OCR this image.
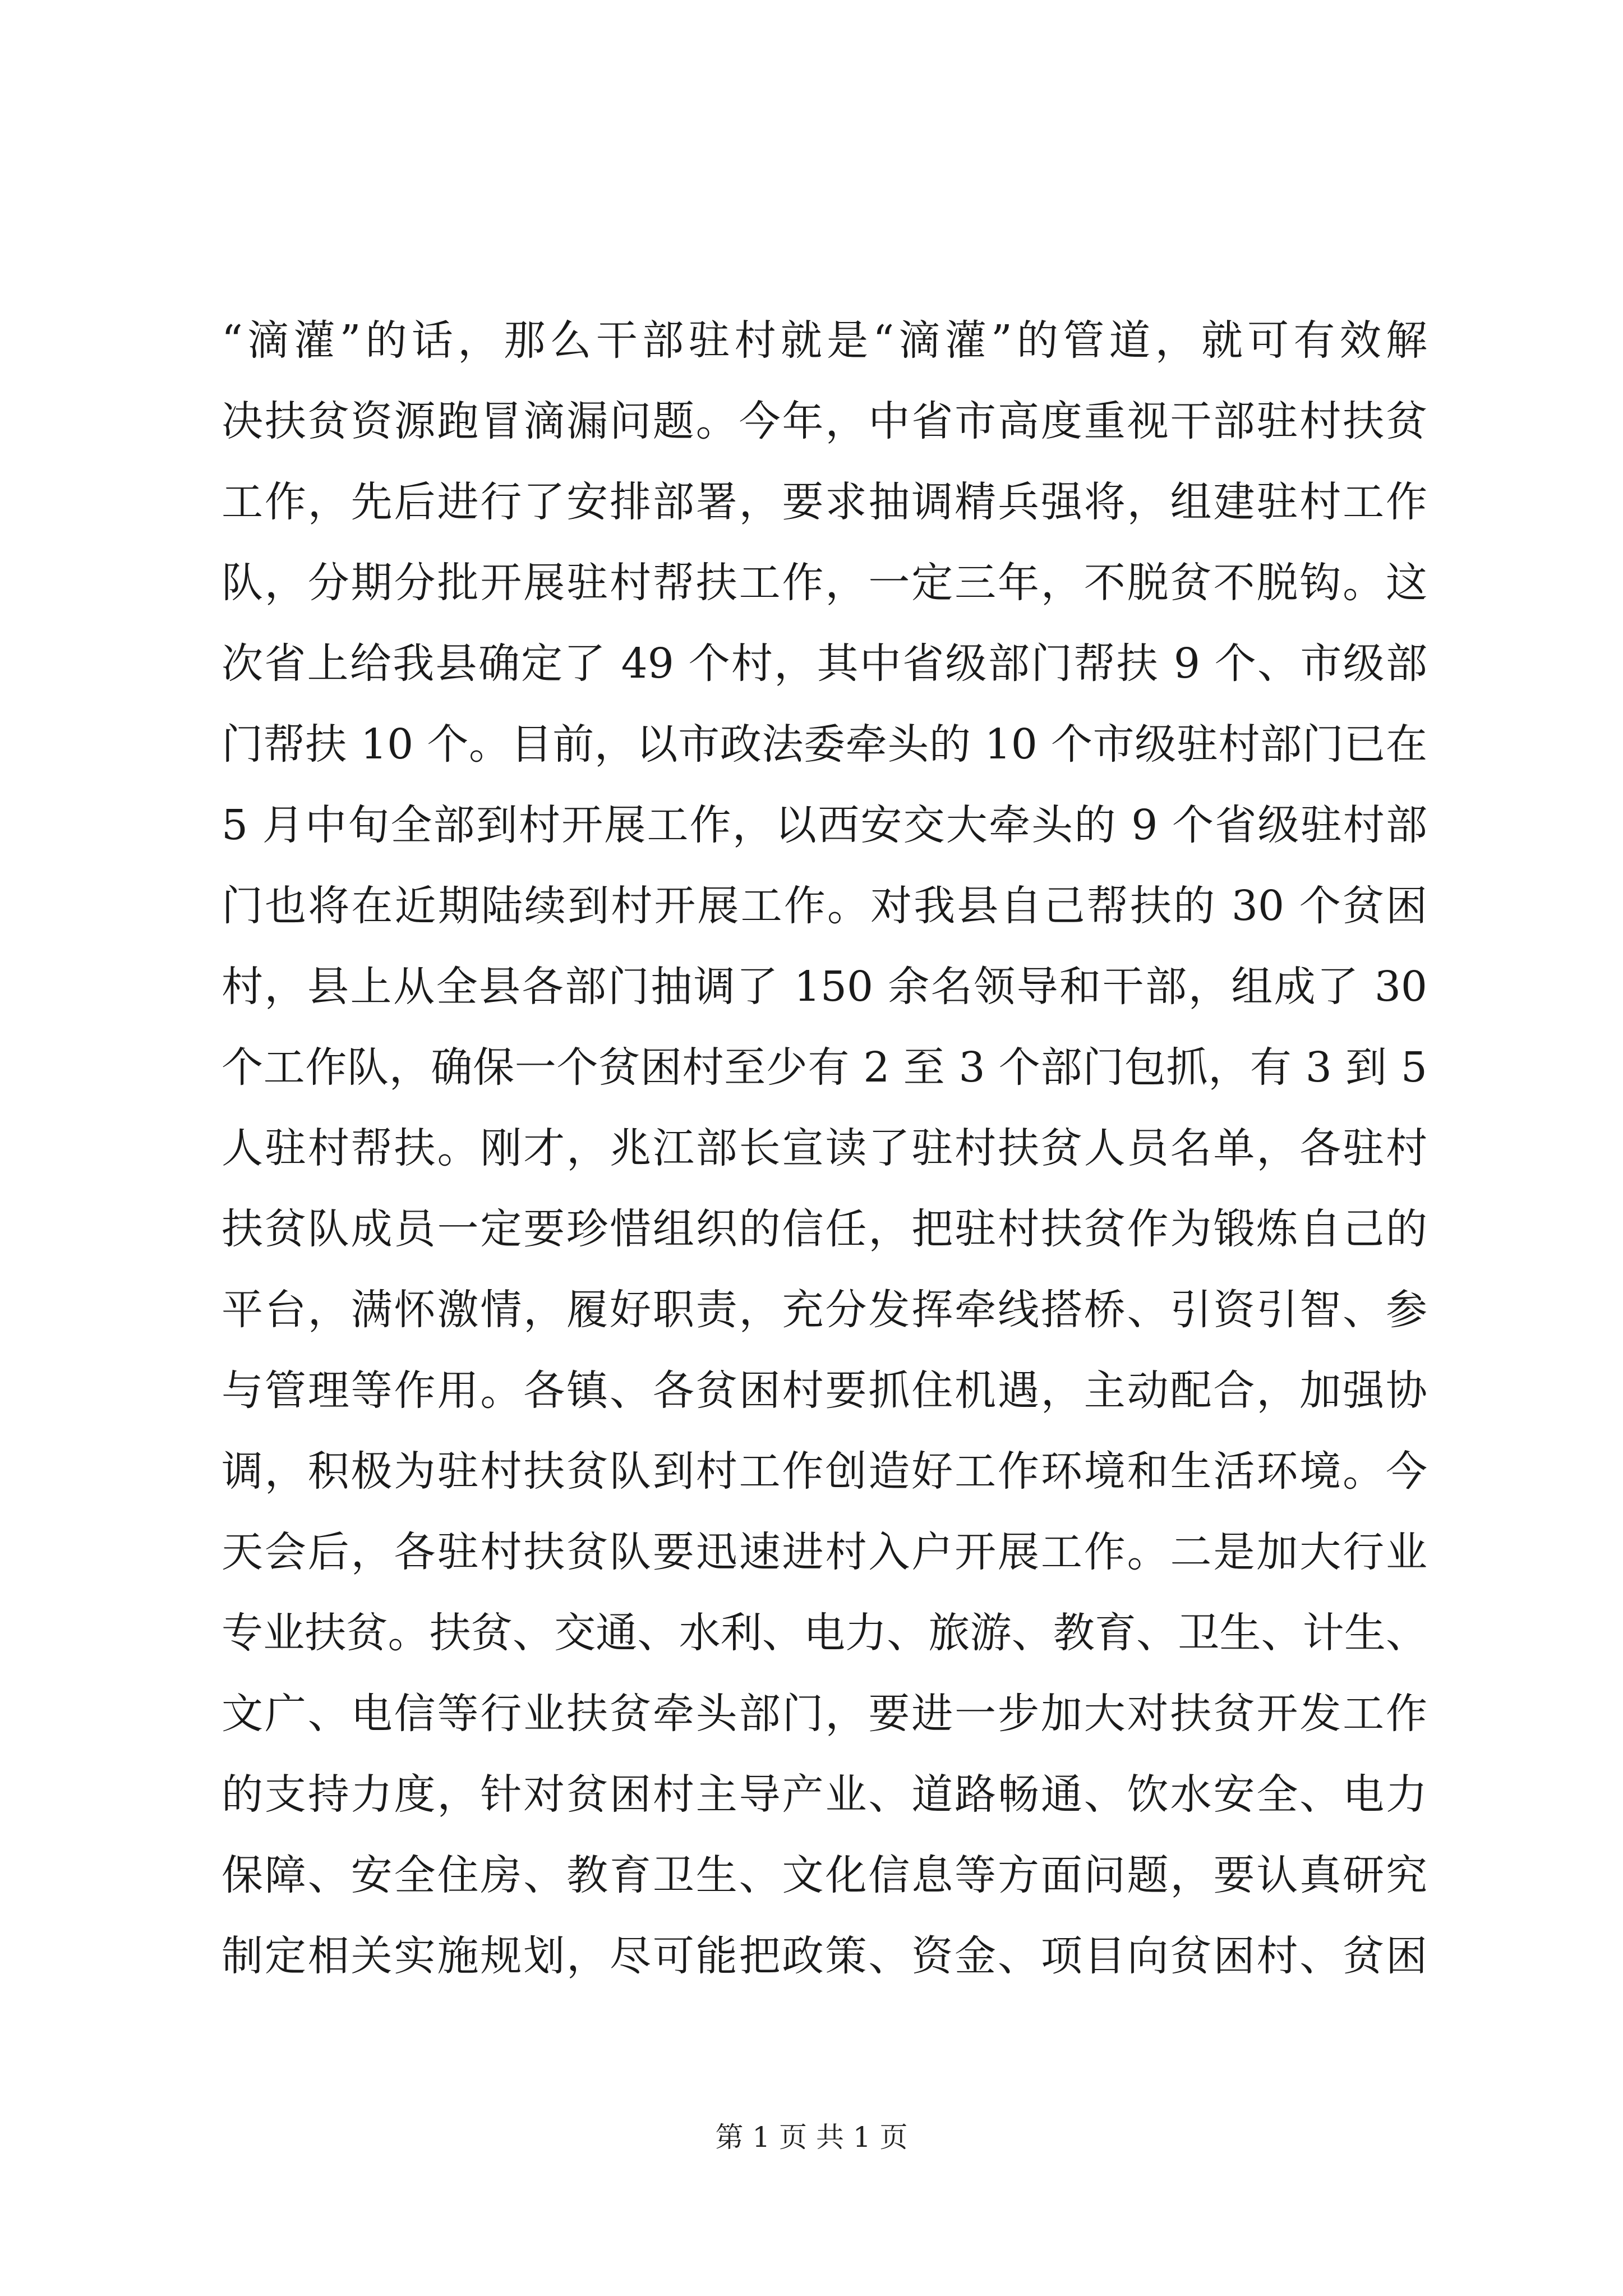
“滴灌”的话，那么干部驻村就是“滴灌”的管道，就可有效解
决扶贫资源跑冒滴漏问题。今年，中省市高度重视干部驻村扶贫
工作，先后进行了安排部署，要求抽调精兵强将，组建驻村工作
队，分期分批开展驻村帮扶工作，一定三年，不脱贫不脱钩。这
次省上给我县确定了 49 个村，其中省级部门帮扶 9 个、市级部
门帮扶 10 个。目前，以市政法委牵头的 10 个市级驻村部门已在
5 月中旬全部到村开展工作，以西安交大牵头的 9 个省级驻村部
门也将在近期陆续到村开展工作。对我县自己帮扶的 30 个贫困
村，县上从全县各部门抽调了 150 余名领导和干部，组成了 30
个工作队，确保一个贫困村至少有 2 至 3 个部门包抓，有 3 到 5
人驻村帮扶。刚才，兆江部长宣读了驻村扶贫人员名单，各驻村
扶贫队成员一定要珍惜组织的信任，把驻村扶贫作为锻炼自己的
平台，满怀激情，履好职责，充分发挥牵线搭桥、引资引智、参
与管理等作用。各镇、各贫困村要抓住机遇，主动配合，加强协
调，积极为驻村扶贫队到村工作创造好工作环境和生活环境。今
天会后，各驻村扶贫队要迅速进村入户开展工作。二是加大行业
专业扶贫。扶贫、交通、水利、电力、旅游、教育、卫生、计生、
文广、电信等行业扶贫牵头部门，要进一步加大对扶贫开发工作
的支持力度，针对贫困村主导产业、道路畅通、饮水安全、电力
保障、安全住房、教育卫生、文化信息等方面问题，要认真研究
制定相关实施规划，尽可能把政策、资金、项目向贫困村、贫困
第 1 页 共 1 页
